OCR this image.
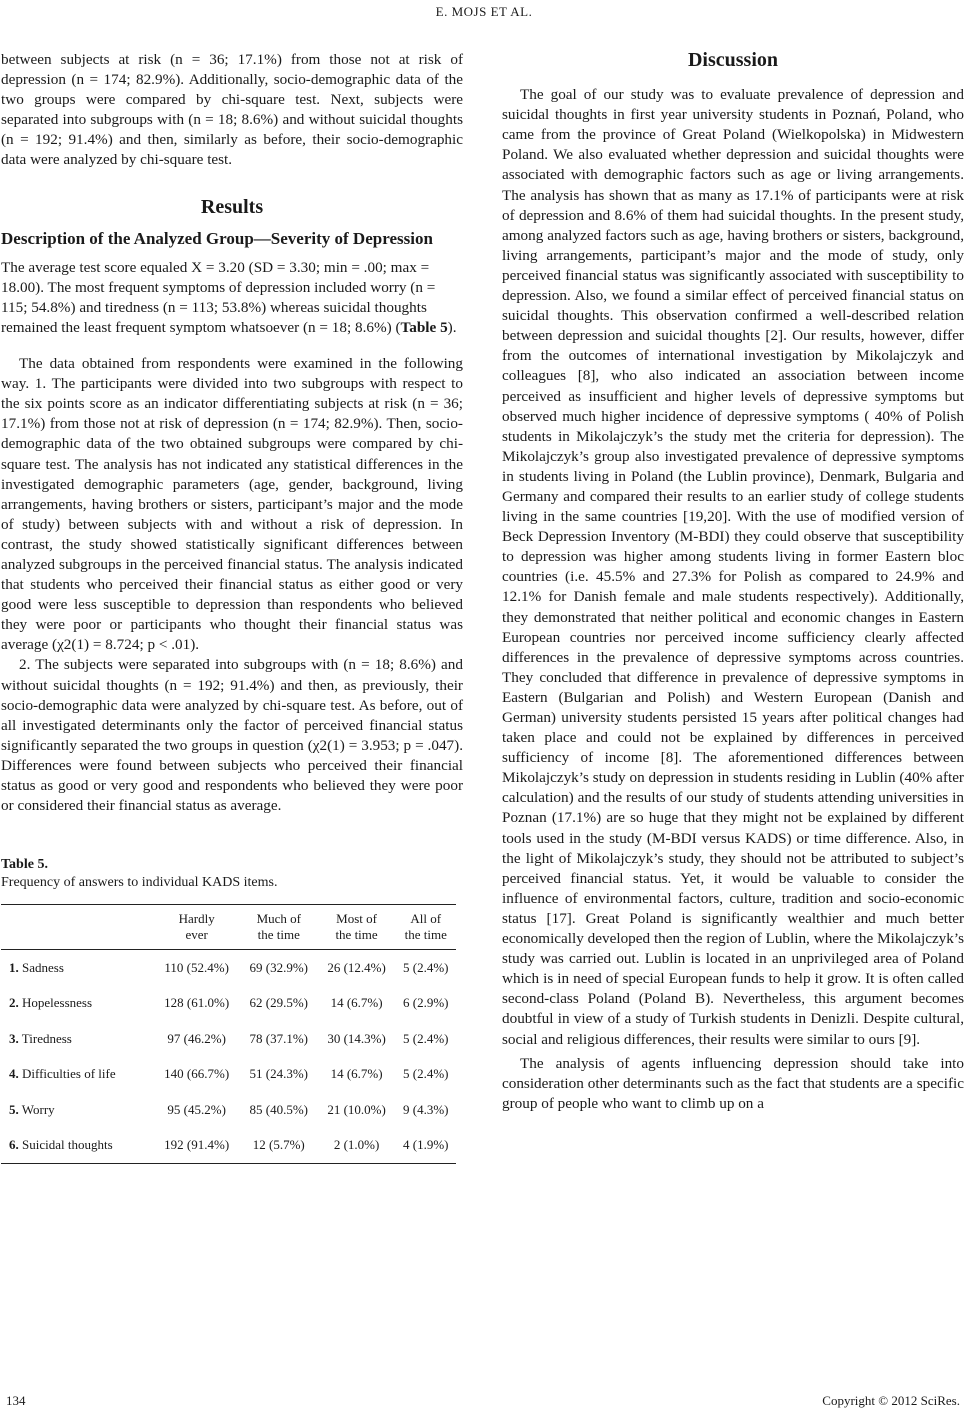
E. MOJS ET AL.

between subjects at risk (n = 36; 17.1%) from those not at risk of depression (n = 174; 82.9%). Additionally, socio-demographic data of the two groups were compared by chi-square test. Next, subjects were separated into subgroups with (n = 18; 8.6%) and without suicidal thoughts (n = 192; 91.4%) and then, similarly as before, their socio-demographic data were analyzed by chi-square test.

Results
Description of the Analyzed Group—Severity of Depression

The average test score equaled X = 3.20 (SD = 3.30; min = .00; max = 18.00). The most frequent symptoms of depression included worry (n = 115; 54.8%) and tiredness (n = 113; 53.8%) whereas suicidal thoughts remained the least frequent symptom whatsoever (n = 18; 8.6%) (Table 5).

The data obtained from respondents were examined in the following way. 1. The participants were divided into two subgroups with respect to the six points score as an indicator differentiating subjects at risk (n = 36; 17.1%) from those not at risk of depression (n = 174; 82.9%). Then, socio-demographic data of the two obtained subgroups were compared by chi-square test. The analysis has not indicated any statistical differences in the investigated demographic parameters (age, gender, background, living arrangements, having brothers or sisters, participant’s major and the mode of study) between subjects with and without a risk of depression. In contrast, the study showed statistically significant differences between analyzed subgroups in the perceived financial status. The analysis indicated that students who perceived their financial status as either good or very good were less susceptible to depression than respondents who believed they were poor or participants who thought their financial status was average (χ2(1) = 8.724; p < .01).

2. The subjects were separated into subgroups with (n = 18; 8.6%) and without suicidal thoughts (n = 192; 91.4%) and then, as previously, their socio-demographic data were analyzed by chi-square test. As before, out of all investigated determinants only the factor of perceived financial status significantly separated the two groups in question (χ2(1) = 3.953; p = .047). Differences were found between subjects who perceived their financial status as good or very good and respondents who believed they were poor or considered their financial status as average.

Table 5.

Frequency of answers to individual KADS items.

	Hardly
ever	Much of
the time	Most of
the time	All of
the time
1. Sadness	110 (52.4%)	69 (32.9%)	26 (12.4%)	5 (2.4%)
2. Hopelessness	128 (61.0%)	62 (29.5%)	14 (6.7%)	6 (2.9%)
3. Tiredness	97 (46.2%)	78 (37.1%)	30 (14.3%)	5 (2.4%)
4. Difficulties of life	140 (66.7%)	51 (24.3%)	14 (6.7%)	5 (2.4%)
5. Worry	95 (45.2%)	85 (40.5%)	21 (10.0%)	9 (4.3%)
6. Suicidal thoughts	192 (91.4%)	12 (5.7%)	2 (1.0%)	4 (1.9%)
Discussion

The goal of our study was to evaluate prevalence of depression and suicidal thoughts in first year university students in Poznań, Poland, who came from the province of Great Poland (Wielkopolska) in Midwestern Poland. We also evaluated whether depression and suicidal thoughts were associated with demographic factors such as age or living arrangements. The analysis has shown that as many as 17.1% of participants were at risk of depression and 8.6% of them had suicidal thoughts. In the present study, among analyzed factors such as age, having brothers or sisters, background, living arrangements, participant’s major and the mode of study, only perceived financial status was significantly associated with susceptibility to depression. Also, we found a similar effect of perceived financial status on suicidal thoughts. This observation confirmed a well-described relation between depression and suicidal thoughts [2]. Our results, however, differ from the outcomes of international investigation by Mikolajczyk and colleagues [8], who also indicated an association between income perceived as insufficient and higher levels of depressive symptoms but observed much higher incidence of depressive symptoms ( 40% of Polish students in Mikolajczyk’s the study met the criteria for depression). The Mikolajczyk’s group also investigated prevalence of depressive symptoms in students living in Poland (the Lublin province), Denmark, Bulgaria and Germany and compared their results to an earlier study of college students living in the same countries [19,20]. With the use of modified version of Beck Depression Inventory (M-BDI) they could observe that susceptibility to depression was higher among students living in former Eastern bloc countries (i.e. 45.5% and 27.3% for Polish as compared to 24.9% and 12.1% for Danish female and male students respectively). Additionally, they demonstrated that neither political and economic changes in Eastern European countries nor perceived income sufficiency clearly affected differences in the prevalence of depressive symptoms across countries. They concluded that difference in prevalence of depressive symptoms in Eastern (Bulgarian and Polish) and Western European (Danish and German) university students persisted 15 years after political changes had taken place and could not be explained by differences in perceived sufficiency of income [8]. The aforementioned differences between Mikolajczyk’s study on depression in students residing in Lublin (40% after calculation) and the results of our study of students attending universities in Poznan (17.1%) are so huge that they might not be explained by different tools used in the study (M-BDI versus KADS) or time difference. Also, in the light of Mikolajczyk’s study, they should not be attributed to subject’s perceived financial status. Yet, it would be valuable to consider the influence of environmental factors, culture, tradition and socio-economic status [17]. Great Poland is significantly wealthier and much better economically developed then the region of Lublin, where the Mikolajczyk’s study was carried out. Lublin is located in an unprivileged area of Poland which is in need of special European funds to help it grow. It is often called second-class Poland (Poland B). Nevertheless, this argument becomes doubtful in view of a study of Turkish students in Denizli. Despite cultural, social and religious differences, their results were similar to ours [9].

The analysis of agents influencing depression should take into consideration other determinants such as the fact that students are a specific group of people who want to climb up on a

134	Copyright © 2012 SciRes.
